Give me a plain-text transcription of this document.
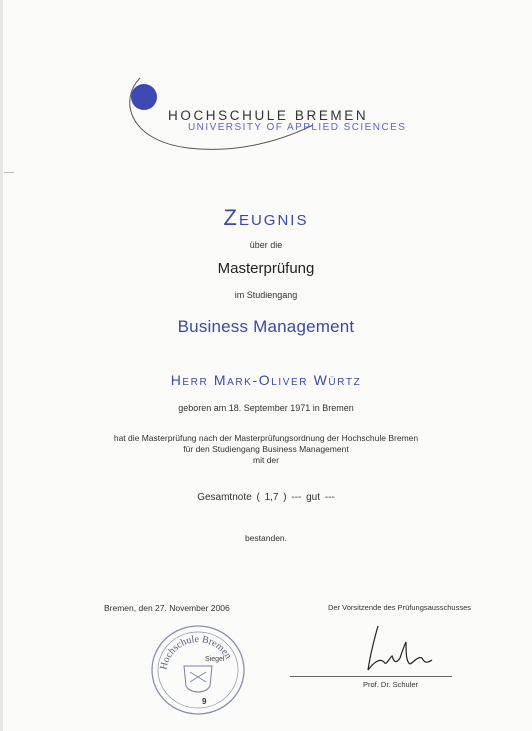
HOCHSCHULE BREMEN
UNIVERSITY OF APPLIED SCIENCES
Zeugnis
über die
Masterprüfung
im Studiengang
Business Management
Herr Mark-Oliver Würtz
geboren am 18. September 1971 in Bremen
hat die Masterprüfung nach der Masterprüfungsordnung der Hochschule Bremen
für den Studiengang Business Management
mit der
Gesamtnote ( 1,7 ) --- gut ---
bestanden.
Bremen, den 27. November 2006	Der Vorsitzende des Prüfungsausschusses
Prof. Dr. Schuler
Hochschule Bremen
Siegel
9
